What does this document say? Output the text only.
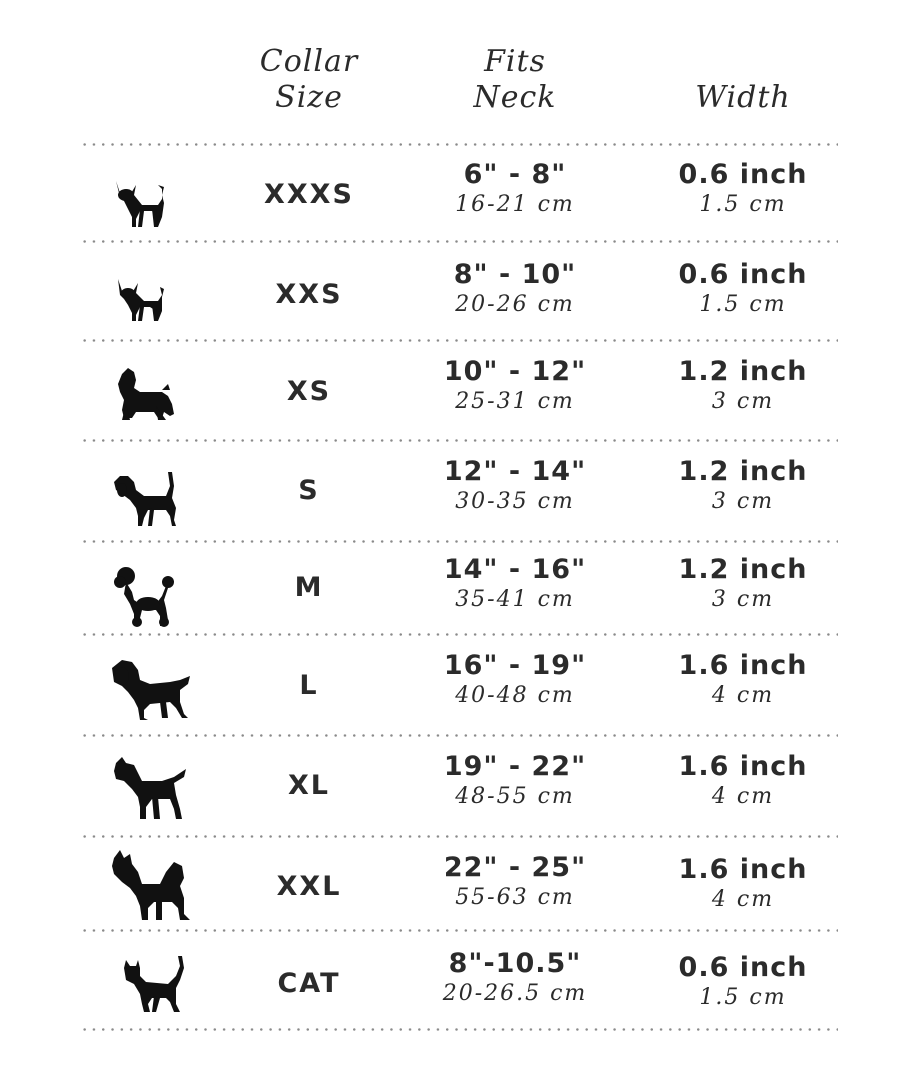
Collar
Size
Fits
Neck	Width
XXXS
6" - 8"
16-21 cm
0.6 inch
1.5 cm
XXS
8" - 10"
20-26 cm
0.6 inch
1.5 cm
XS
10" - 12"
25-31 cm
1.2 inch
3 cm
S
12" - 14"
30-35 cm
1.2 inch
3 cm
M
14" - 16"
35-41 cm
1.2 inch
3 cm
L
16" - 19"
40-48 cm
1.6 inch
4 cm
XL
19" - 22"
48-55 cm
1.6 inch
4 cm
XXL
22" - 25"
55-63 cm
1.6 inch
4 cm
CAT
8"-10.5"
20-26.5 cm
0.6 inch
1.5 cm
